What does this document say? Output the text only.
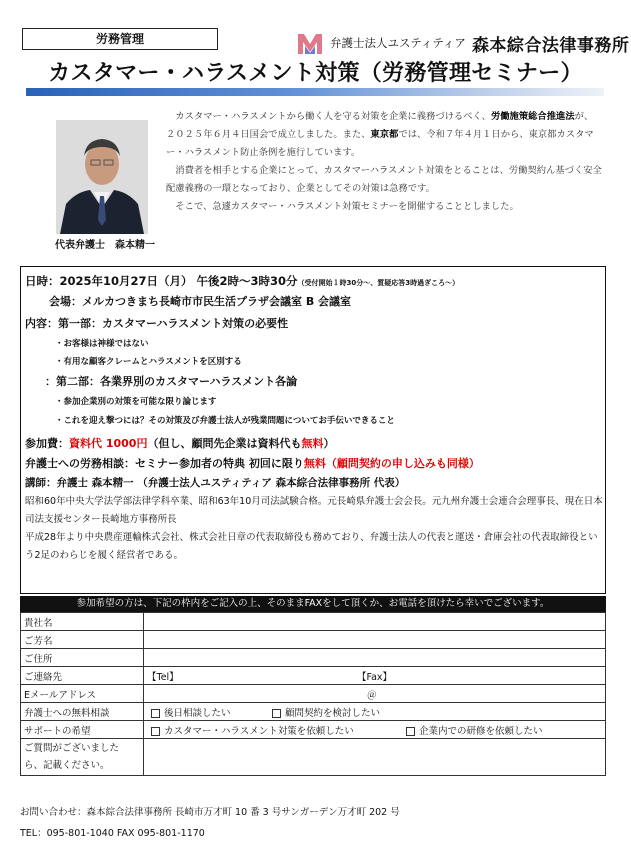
労務管理	弁護士法人ユスティティア 森本綜合法律事務所
カスタマー・ハラスメント対策（労務管理セミナー）
代表弁護士　森本精一

カスタマー・ハラスメントから働く人を守る対策を企業に義務づけるべく、労働施策総合推進法が、２０２５年６月４日国会で成立しました。また、東京都では、令和７年４月１日から、東京都カスタマー・ハラスメント防止条例を施行しています。

消費者を相手とする企業にとって、カスタマーハラスメント対策をとることは、労働契約ん基づく安全配慮義務の一環となっており、企業としてその対策は急務です。

そこで、急遽カスタマー・ハラスメント対策セミナーを開催することとしました。

日時：2025年10月27日（月） 午後2時～3時30分（受付開始１時30分～、質疑応答3時過ぎころ～）
会場：メルカつきまち長崎市市民生活プラザ会議室 B 会議室
内容：第一部：カスタマーハラスメント対策の必要性
・お客様は神様ではない
・有用な顧客クレームとハラスメントを区別する
：第二部：各業界別のカスタマーハラスメント各論
・参加企業別の対策を可能な限り論じます
・これを迎え撃つには？その対策及び弁護士法人が残業問題についてお手伝いできること
参加費：資料代 1000円（但し、顧問先企業は資料代も無料）
弁護士への労務相談：セミナー参加者の特典 初回に限り無料（顧問契約の申し込みも同様）
講師：弁護士 森本精一 （弁護士法人ユスティティア 森本綜合法律事務所 代表）

昭和60年中央大学法学部法律学科卒業、昭和63年10月司法試験合格。元長崎県弁護士会会長。元九州弁護士会連合会理事長、現在日本司法支援センター長崎地方事務所長

平成28年より中央農産運輸株式会社、株式会社日章の代表取締役も務めており、弁護士法人の代表と運送・倉庫会社の代表取締役という2足のわらじを履く経営者である。

参加希望の方は、下記の枠内をご記入の上、そのままFAXをして頂くか、お電話を頂けたら幸いでございます。
貴社名	
ご芳名	
ご住所	
ご連絡先	【Tel】 【Fax】
Eメールアドレス	＠
弁護士への無料相談	後日相談したい 顧問契約を検討したい
サポートの希望	カスタマー・ハラスメント対策を依頼したい 企業内での研修を依頼したい
ご質問がございました
ら、記載ください。	
お問い合わせ：森本綜合法律事務所 長崎市万才町 10 番 3 号サンガーデン万才町 202 号
TEL：095-801-1040 FAX 095-801-1170
